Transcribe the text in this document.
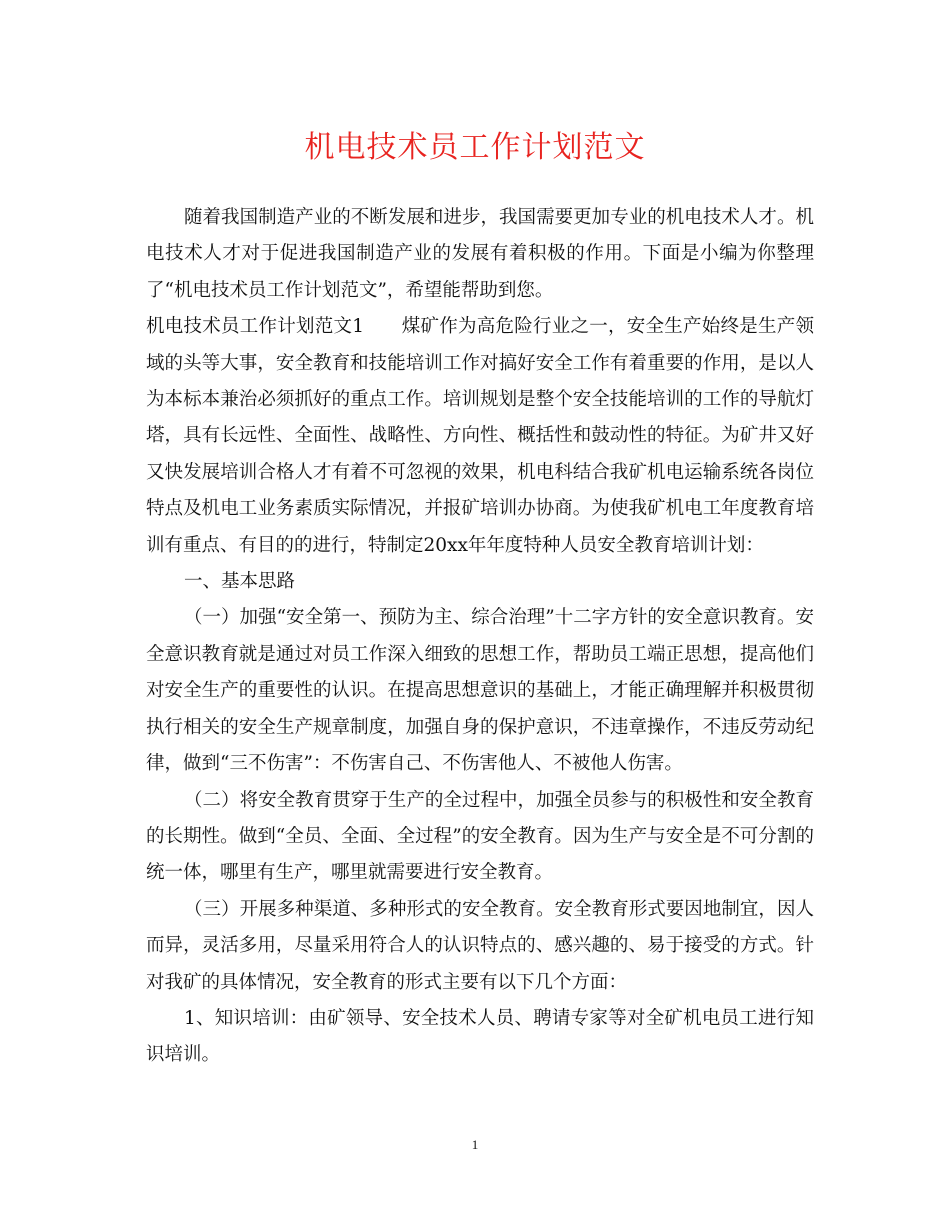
机电技术员工作计划范文

随着我国制造产业的不断发展和进步，我国需要更加专业的机电技术人才。机电技术人才对于促进我国制造产业的发展有着积极的作用。下面是小编为你整理了“机电技术员工作计划范文”，希望能帮助到您。

机电技术员工作计划范文1　　煤矿作为高危险行业之一，安全生产始终是生产领域的头等大事，安全教育和技能培训工作对搞好安全工作有着重要的作用，是以人为本标本兼治必须抓好的重点工作。培训规划是整个安全技能培训的工作的导航灯塔，具有长远性、全面性、战略性、方向性、概括性和鼓动性的特征。为矿井又好又快发展培训合格人才有着不可忽视的效果，机电科结合我矿机电运输系统各岗位特点及机电工业务素质实际情况，并报矿培训办协商。为使我矿机电工年度教育培训有重点、有目的的进行，特制定20xx年年度特种人员安全教育培训计划：

一、基本思路

（一）加强“安全第一、预防为主、综合治理”十二字方针的安全意识教育。安全意识教育就是通过对员工作深入细致的思想工作，帮助员工端正思想，提高他们对安全生产的重要性的认识。在提高思想意识的基础上，才能正确理解并积极贯彻执行相关的安全生产规章制度，加强自身的保护意识，不违章操作，不违反劳动纪律，做到“三不伤害”：不伤害自己、不伤害他人、不被他人伤害。

（二）将安全教育贯穿于生产的全过程中，加强全员参与的积极性和安全教育的长期性。做到“全员、全面、全过程”的安全教育。因为生产与安全是不可分割的统一体，哪里有生产，哪里就需要进行安全教育。

（三）开展多种渠道、多种形式的安全教育。安全教育形式要因地制宜，因人而异，灵活多用，尽量采用符合人的认识特点的、感兴趣的、易于接受的方式。针对我矿的具体情况，安全教育的形式主要有以下几个方面：

1、知识培训：由矿领导、安全技术人员、聘请专家等对全矿机电员工进行知识培训。

1
